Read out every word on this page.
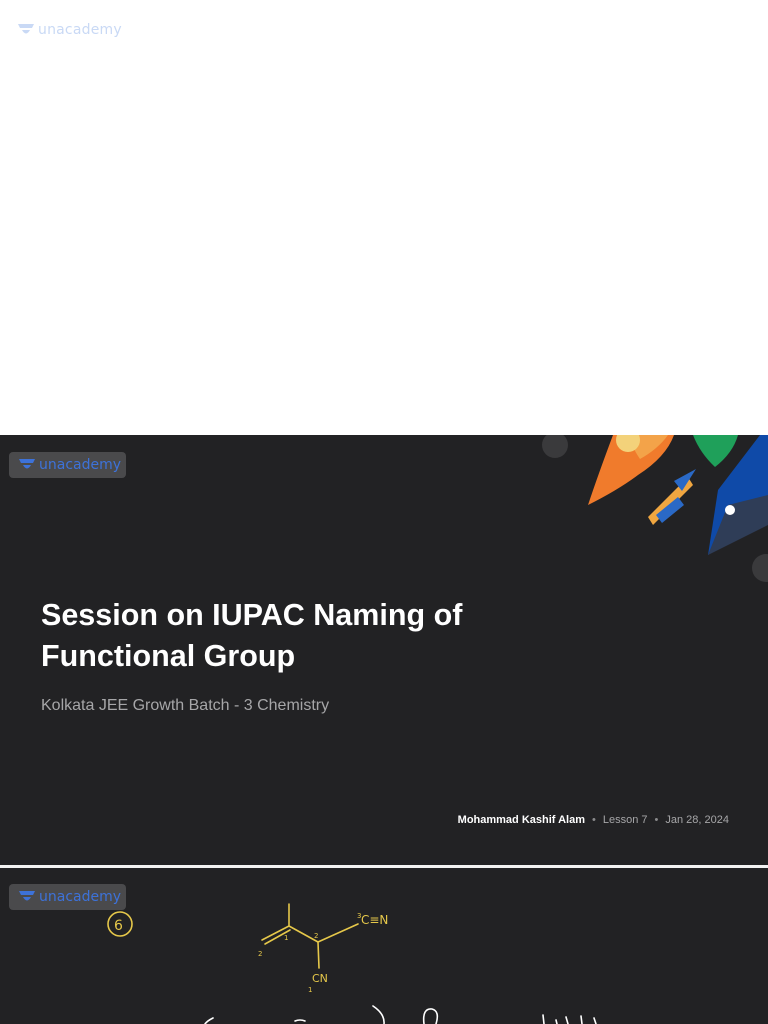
unacademy
unacademy
Session on IUPAC Naming of
Functional Group
Kolkata JEE Growth Batch - 3 Chemistry
Mohammad Kashif Alam • Lesson 7 • Jan 28, 2024
unacademy
6	C≡N
CN
1	2
3
1
2
